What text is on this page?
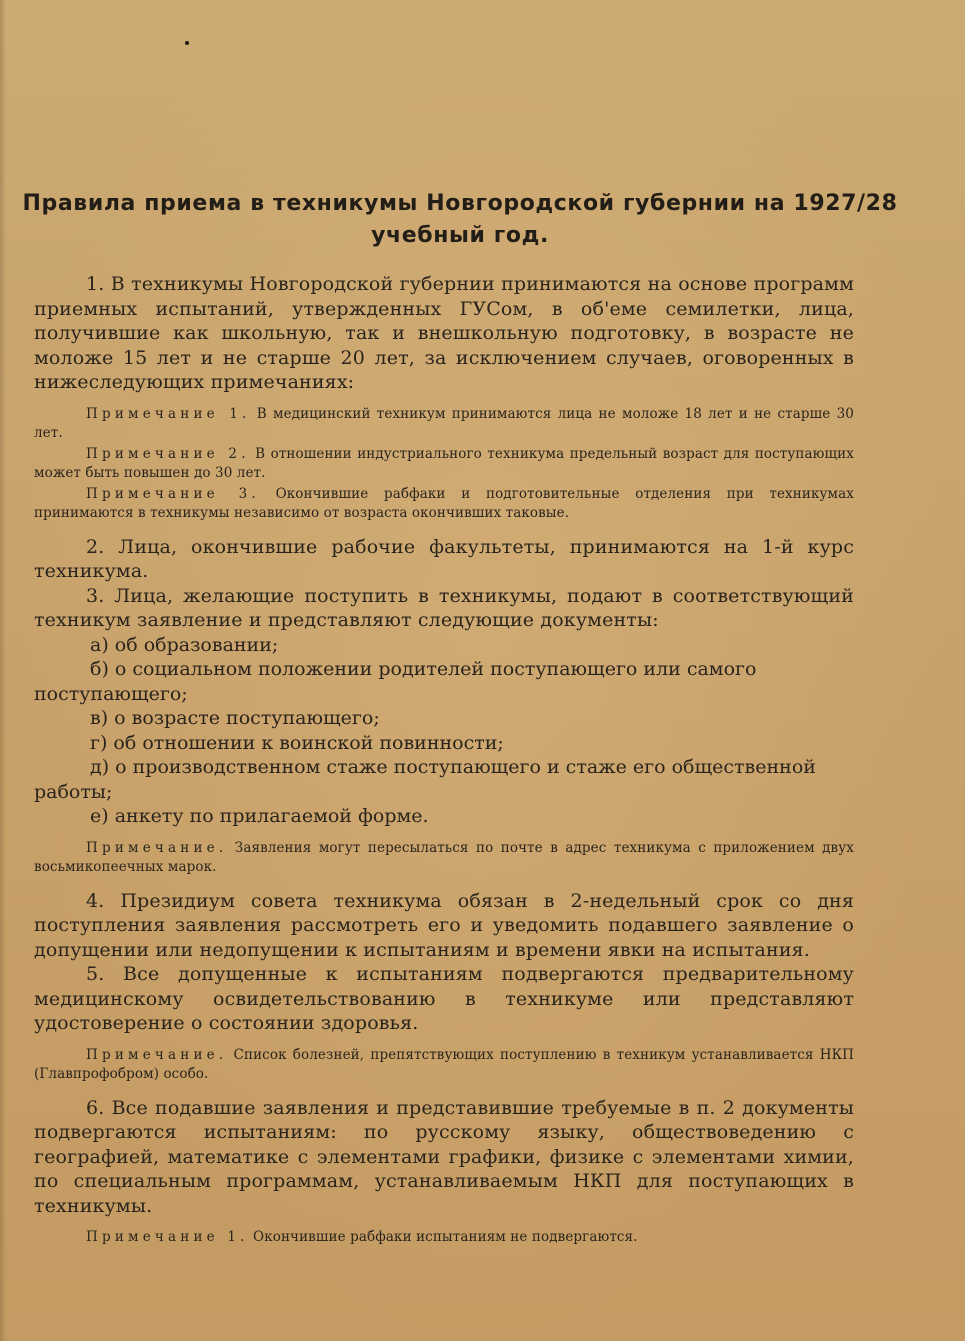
Правила приема в техникумы Новгородской губернии на 1927/28
учебный год.

1. В техникумы Новгородской губернии принимаются на основе программ приемных испытаний, утвержденных ГУСом, в об'еме семилетки, лица, получившие как школьную, так и внешкольную подготовку, в возрасте не моложе 15 лет и не старше 20 лет, за исключением случаев, оговоренных в нижеследующих примечаниях:

Примечание 1. В медицинский техникум принимаются лица не моложе 18 лет и не старше 30 лет.

Примечание 2. В отношении индустриального техникума предельный возраст для поступающих может быть повышен до 30 лет.

Примечание 3. Окончившие рабфаки и подготовительные отделения при техникумах принимаются в техникумы независимо от возраста окончивших таковые.

2. Лица, окончившие рабочие факультеты, принимаются на 1-й курс техникума.

3. Лица, желающие поступить в техникумы, подают в соответствующий техникум заявление и представляют следующие документы:

а) об образовании;

б) о социальном положении родителей поступающего или самого поступающего;

в) о возрасте поступающего;

г) об отношении к воинской повинности;

д) о производственном стаже поступающего и стаже его общественной работы;

е) анкету по прилагаемой форме.

Примечание. Заявления могут пересылаться по почте в адрес техникума с приложением двух восьмикопеечных марок.

4. Президиум совета техникума обязан в 2-недельный срок со дня поступления заявления рассмотреть его и уведомить подавшего заявление о допущении или недопущении к испытаниям и времени явки на испытания.

5. Все допущенные к испытаниям подвергаются предварительному медицинскому освидетельствованию в техникуме или представляют удостоверение о состоянии здоровья.

Примечание. Список болезней, препятствующих поступлению в техникум устанавливается НКП (Главпрофобром) особо.

6. Все подавшие заявления и представившие требуемые в п. 2 документы подвергаются испытаниям: по русскому языку, обществоведению с географией, математике с элементами графики, физике с элементами химии, по специальным программам, устанавливаемым НКП для поступающих в техникумы.

Примечание 1. Окончившие рабфаки испытаниям не подвергаются.
